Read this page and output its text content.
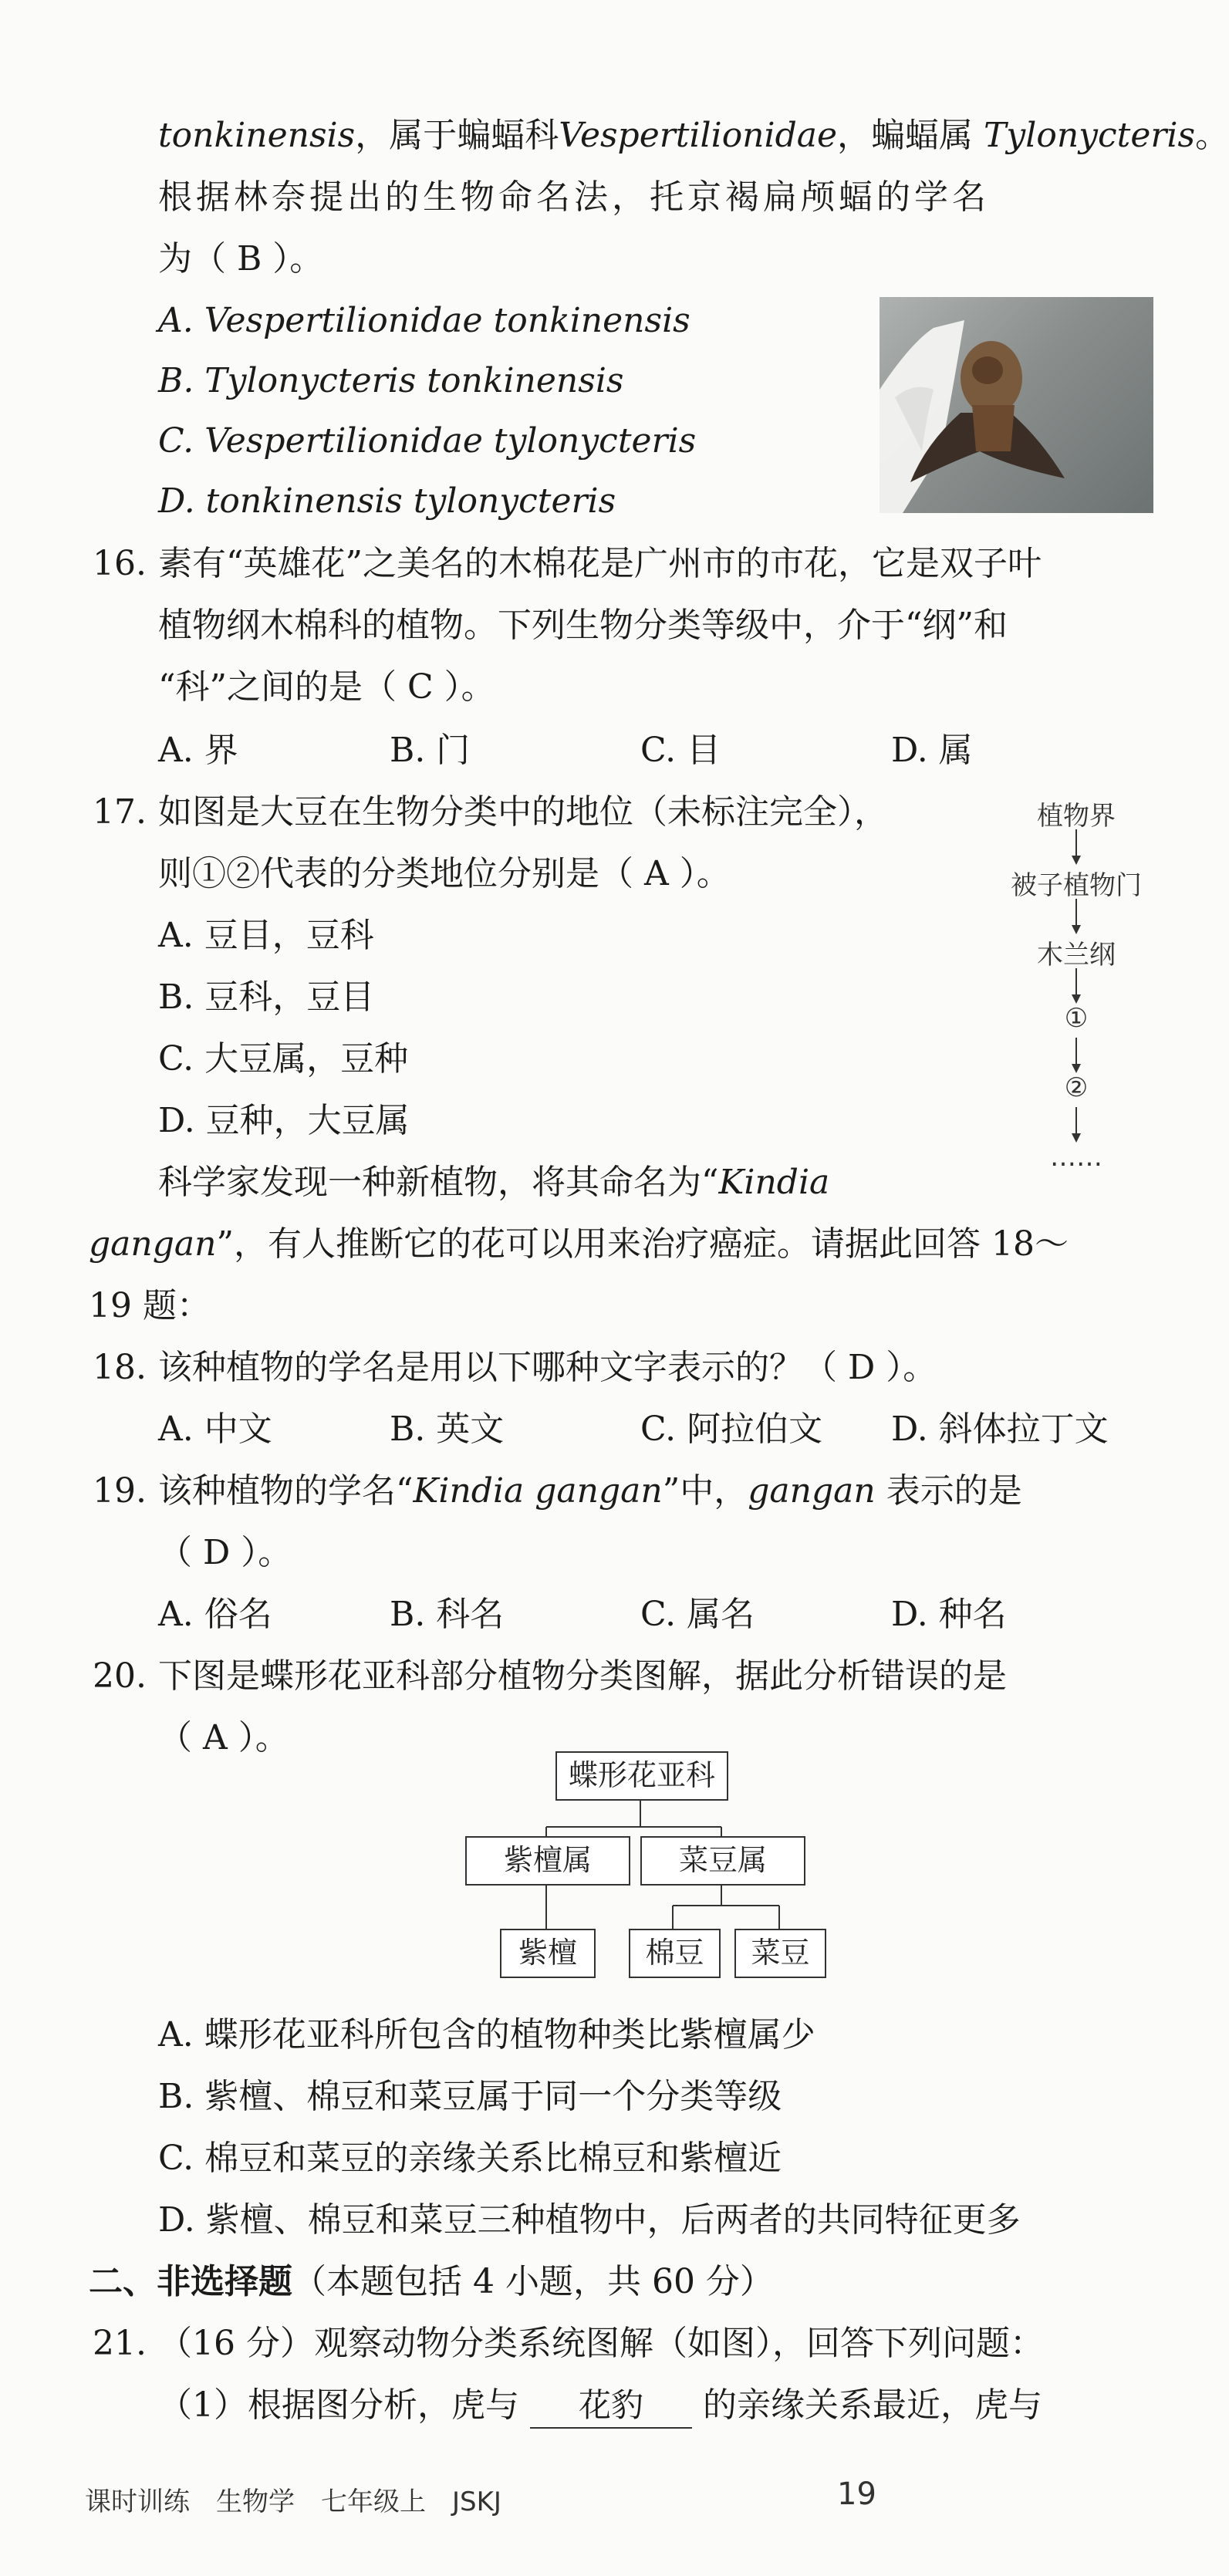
tonkinensis，属于蝙蝠科Vespertilionidae，蝙蝠属 Tylonycteris。
根据林奈提出的生物命名法，托京褐扁颅蝠的学名
为（ B ）。
A. Vespertilionidae tonkinensis
B. Tylonycteris tonkinensis
C. Vespertilionidae tylonycteris
D. tonkinensis tylonycteris
16. 素有“英雄花”之美名的木棉花是广州市的市花，它是双子叶
植物纲木棉科的植物。下列生物分类等级中，介于“纲”和
“科”之间的是（ C ）。
A. 界	B. 门	C. 目	D. 属
17. 如图是大豆在生物分类中的地位（未标注完全），
则①②代表的分类地位分别是（ A ）。
A. 豆目，豆科
B. 豆科，豆目
C. 大豆属，豆种
D. 豆种，大豆属
植物界
被子植物门
木兰纲
①
②
……
科学家发现一种新植物，将其命名为“Kindia
gangan”，有人推断它的花可以用来治疗癌症。请据此回答 18～
19 题：
18. 该种植物的学名是用以下哪种文字表示的？（ D ）。
A. 中文	B. 英文	C. 阿拉伯文 D. 斜体拉丁文
19. 该种植物的学名“Kindia gangan”中，gangan 表示的是
（ D ）。
A. 俗名	B. 科名	C. 属名	D. 种名
20. 下图是蝶形花亚科部分植物分类图解，据此分析错误的是
（ A ）。
蝶形花亚科
紫檀属	菜豆属
紫檀	棉豆	菜豆
A. 蝶形花亚科所包含的植物种类比紫檀属少
B. 紫檀、棉豆和菜豆属于同一个分类等级
C. 棉豆和菜豆的亲缘关系比棉豆和紫檀近
D. 紫檀、棉豆和菜豆三种植物中，后两者的共同特征更多
二、非选择题（本题包括 4 小题，共 60 分）
21. （16 分）观察动物分类系统图解（如图），回答下列问题：
（1）根据图分析，虎与 花豹 的亲缘关系最近，虎与
课时训练　生物学　七年级上　JSKJ	19
